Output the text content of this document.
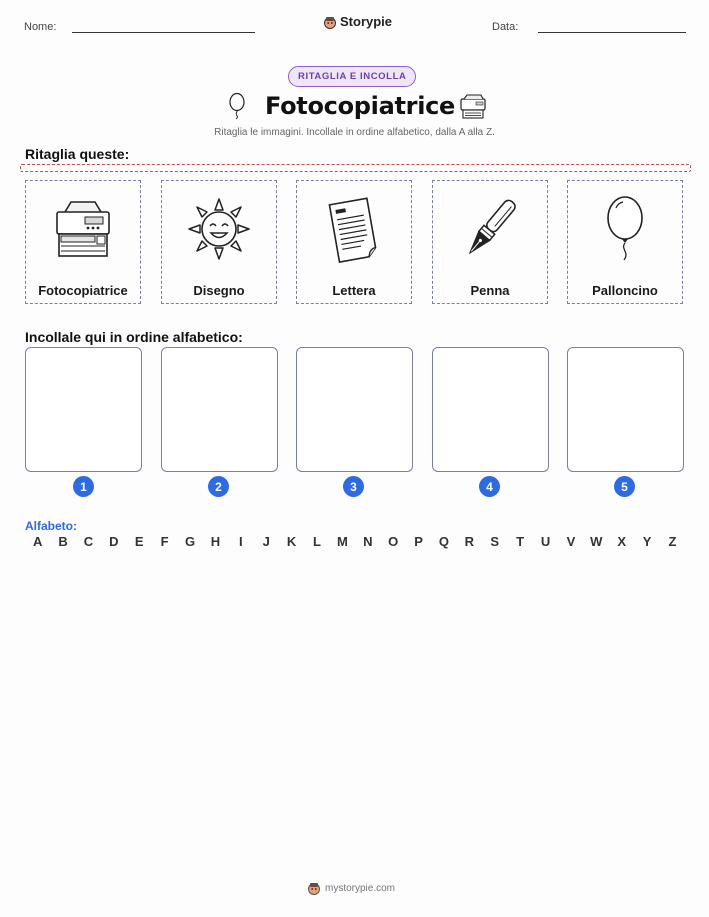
Nome:	Storypie	Data:
RITAGLIA E INCOLLA
Fotocopiatrice
Ritaglia le immagini. Incollale in ordine alfabetico, dalla A alla Z.
Ritaglia queste:
Fotocopiatrice	Disegno	Lettera	Penna	Palloncino
Incollale qui in ordine alfabetico:
1	2	3	4	5
Alfabeto:
A	B	C	D	E	F	G	H	I	J	K	L	M	N	O	P	Q	R	S	T	U	V	W	X	Y	Z
mystorypie.com
